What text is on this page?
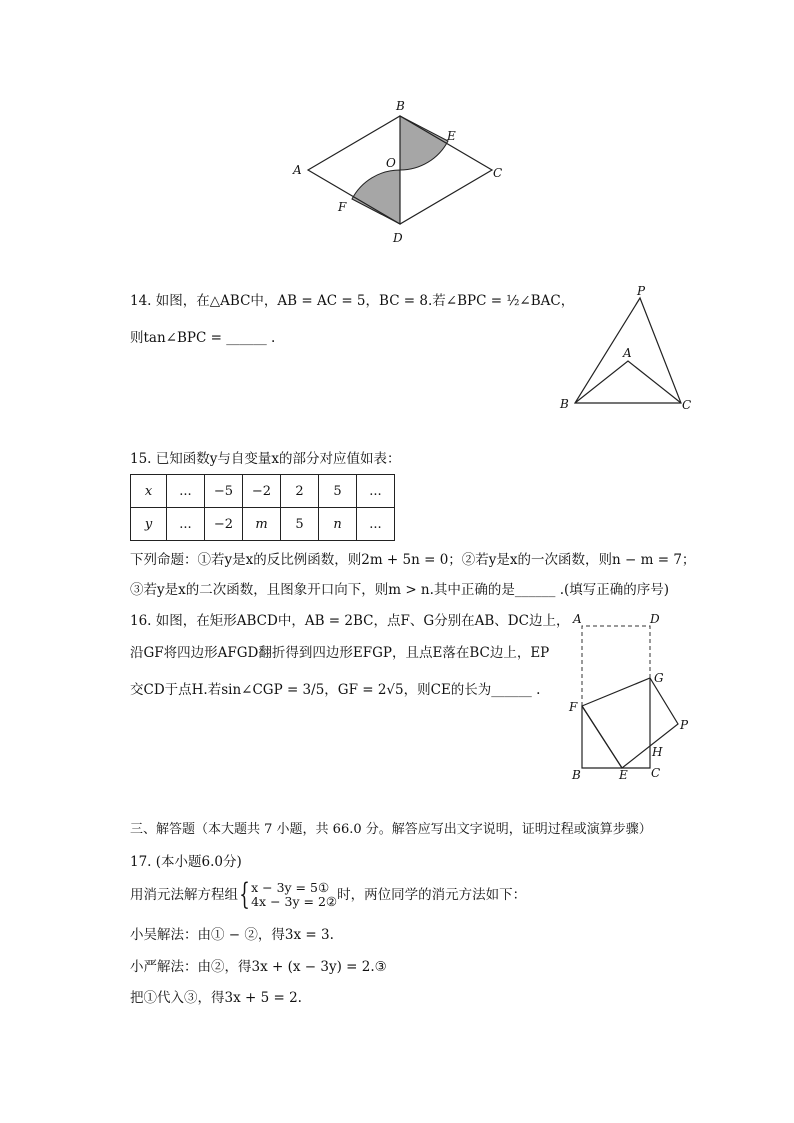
B
E
A	O
C
F
D
14. 如图，在△ABC中，AB = AC = 5，BC = 8.若∠BPC = ½∠BAC，
则tan∠BPC = ______ .
P
A
B	C
15. 已知函数y与自变量x的部分对应值如表：
x	...	−5	−2	2	5	...
y	...	−2	m	5	n	...
下列命题：①若y是x的反比例函数，则2m + 5n = 0；②若y是x的一次函数，则n − m = 7；
③若y是x的二次函数，且图象开口向下，则m > n.其中正确的是______ .(填写正确的序号)
16. 如图，在矩形ABCD中，AB = 2BC，点F、G分别在AB、DC边上，
沿GF将四边形AFGD翻折得到四边形EFGP，且点E落在BC边上，EP
交CD于点H.若sin∠CGP = 3/5，GF = 2√5，则CE的长为______ .
A	D
G
F
P
H
B	E C
三、解答题（本大题共 7 小题，共 66.0 分。解答应写出文字说明，证明过程或演算步骤）
17. (本小题6.0分)
用消元法解方程组{ x − 3y = 5①
4x − 3y = 2② 时，两位同学的消元方法如下：
小吴解法：由① − ②，得3x = 3.
小严解法：由②，得3x + (x − 3y) = 2.③
把①代入③，得3x + 5 = 2.
